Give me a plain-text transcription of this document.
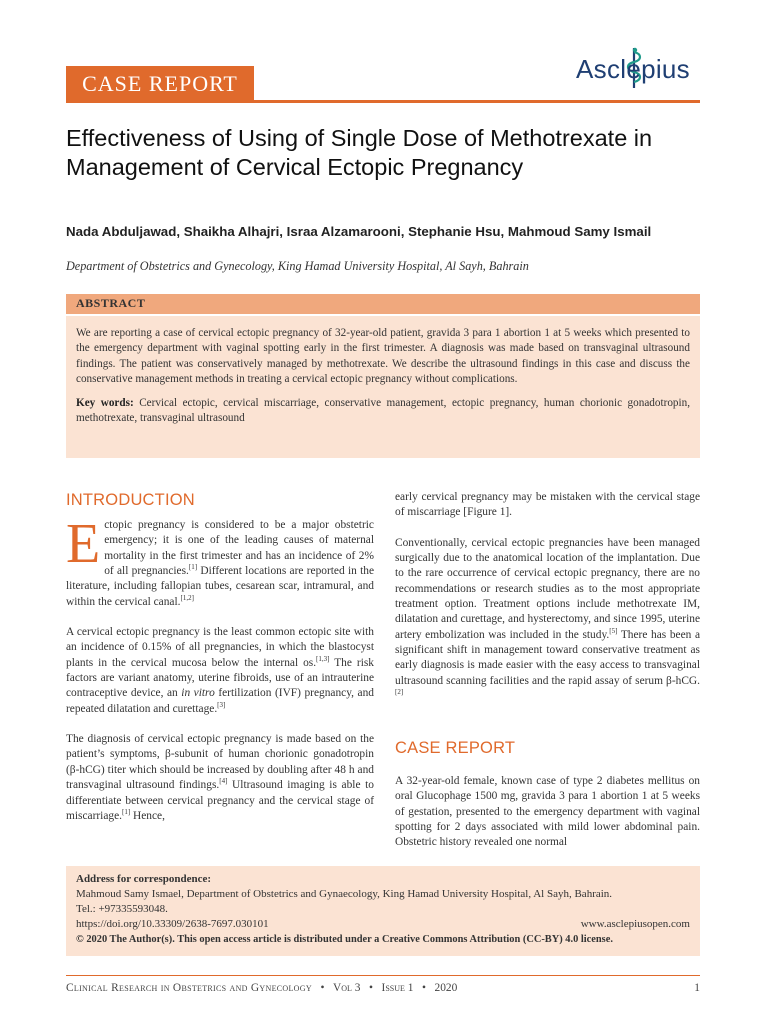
CASE REPORT	Asclepius
Effectiveness of Using of Single Dose of Methotrexate in Management of Cervical Ectopic Pregnancy
Nada Abduljawad, Shaikha Alhajri, Israa Alzamarooni, Stephanie Hsu, Mahmoud Samy Ismail
Department of Obstetrics and Gynecology, King Hamad University Hospital, Al Sayh, Bahrain
ABSTRACT
We are reporting a case of cervical ectopic pregnancy of 32-year-old patient, gravida 3 para 1 abortion 1 at 5 weeks which presented to the emergency department with vaginal spotting early in the first trimester. A diagnosis was made based on transvaginal ultrasound findings. The patient was conservatively managed by methotrexate. We describe the ultrasound findings in this case and discuss the conservative management methods in treating a cervical ectopic pregnancy without complications.
Key words: Cervical ectopic, cervical miscarriage, conservative management, ectopic pregnancy, human chorionic gonadotropin, methotrexate, transvaginal ultrasound
INTRODUCTION

Ectopic pregnancy is considered to be a major obstetric emergency; it is one of the leading causes of maternal mortality in the first trimester and has an incidence of 2% of all pregnancies.[1] Different locations are reported in the literature, including fallopian tubes, cesarean scar, intramural, and within the cervical canal.[1,2]

A cervical ectopic pregnancy is the least common ectopic site with an incidence of 0.15% of all pregnancies, in which the blastocyst plants in the cervical mucosa below the internal os.[1,3] The risk factors are variant anatomy, uterine fibroids, use of an intrauterine contraceptive device, an in vitro fertilization (IVF) pregnancy, and repeated dilatation and curettage.[3]

The diagnosis of cervical ectopic pregnancy is made based on the patient’s symptoms, β-subunit of human chorionic gonadotropin (β-hCG) titer which should be increased by doubling after 48 h and transvaginal ultrasound findings.[4] Ultrasound imaging is able to differentiate between cervical pregnancy and the cervical stage of miscarriage.[1] Hence,

early cervical pregnancy may be mistaken with the cervical stage of miscarriage [Figure 1].

Conventionally, cervical ectopic pregnancies have been managed surgically due to the anatomical location of the implantation. Due to the rare occurrence of cervical ectopic pregnancy, there are no recommendations or research studies as to the most appropriate treatment option. Treatment options include methotrexate IM, dilatation and curettage, and hysterectomy, and since 1995, uterine artery embolization was included in the study.[5] There has been a significant shift in management toward conservative treatment as early diagnosis is made easier with the easy access to transvaginal ultrasound scanning facilities and the rapid assay of serum β-hCG.[2]

CASE REPORT

A 32-year-old female, known case of type 2 diabetes mellitus on oral Glucophage 1500 mg, gravida 3 para 1 abortion 1 at 5 weeks of gestation, presented to the emergency department with vaginal spotting for 2 days associated with mild lower abdominal pain. Obstetric history revealed one normal

Address for correspondence:
Mahmoud Samy Ismael, Department of Obstetrics and Gynaecology, King Hamad University Hospital, Al Sayh, Bahrain.
Tel.: +97335593048.
https://doi.org/10.33309/2638-7697.030101	www.asclepiusopen.com
© 2020 The Author(s). This open access article is distributed under a Creative Commons Attribution (CC-BY) 4.0 license.
Clinical Research in Obstetrics and Gynecology • Vol 3 • Issue 1 • 2020	1
